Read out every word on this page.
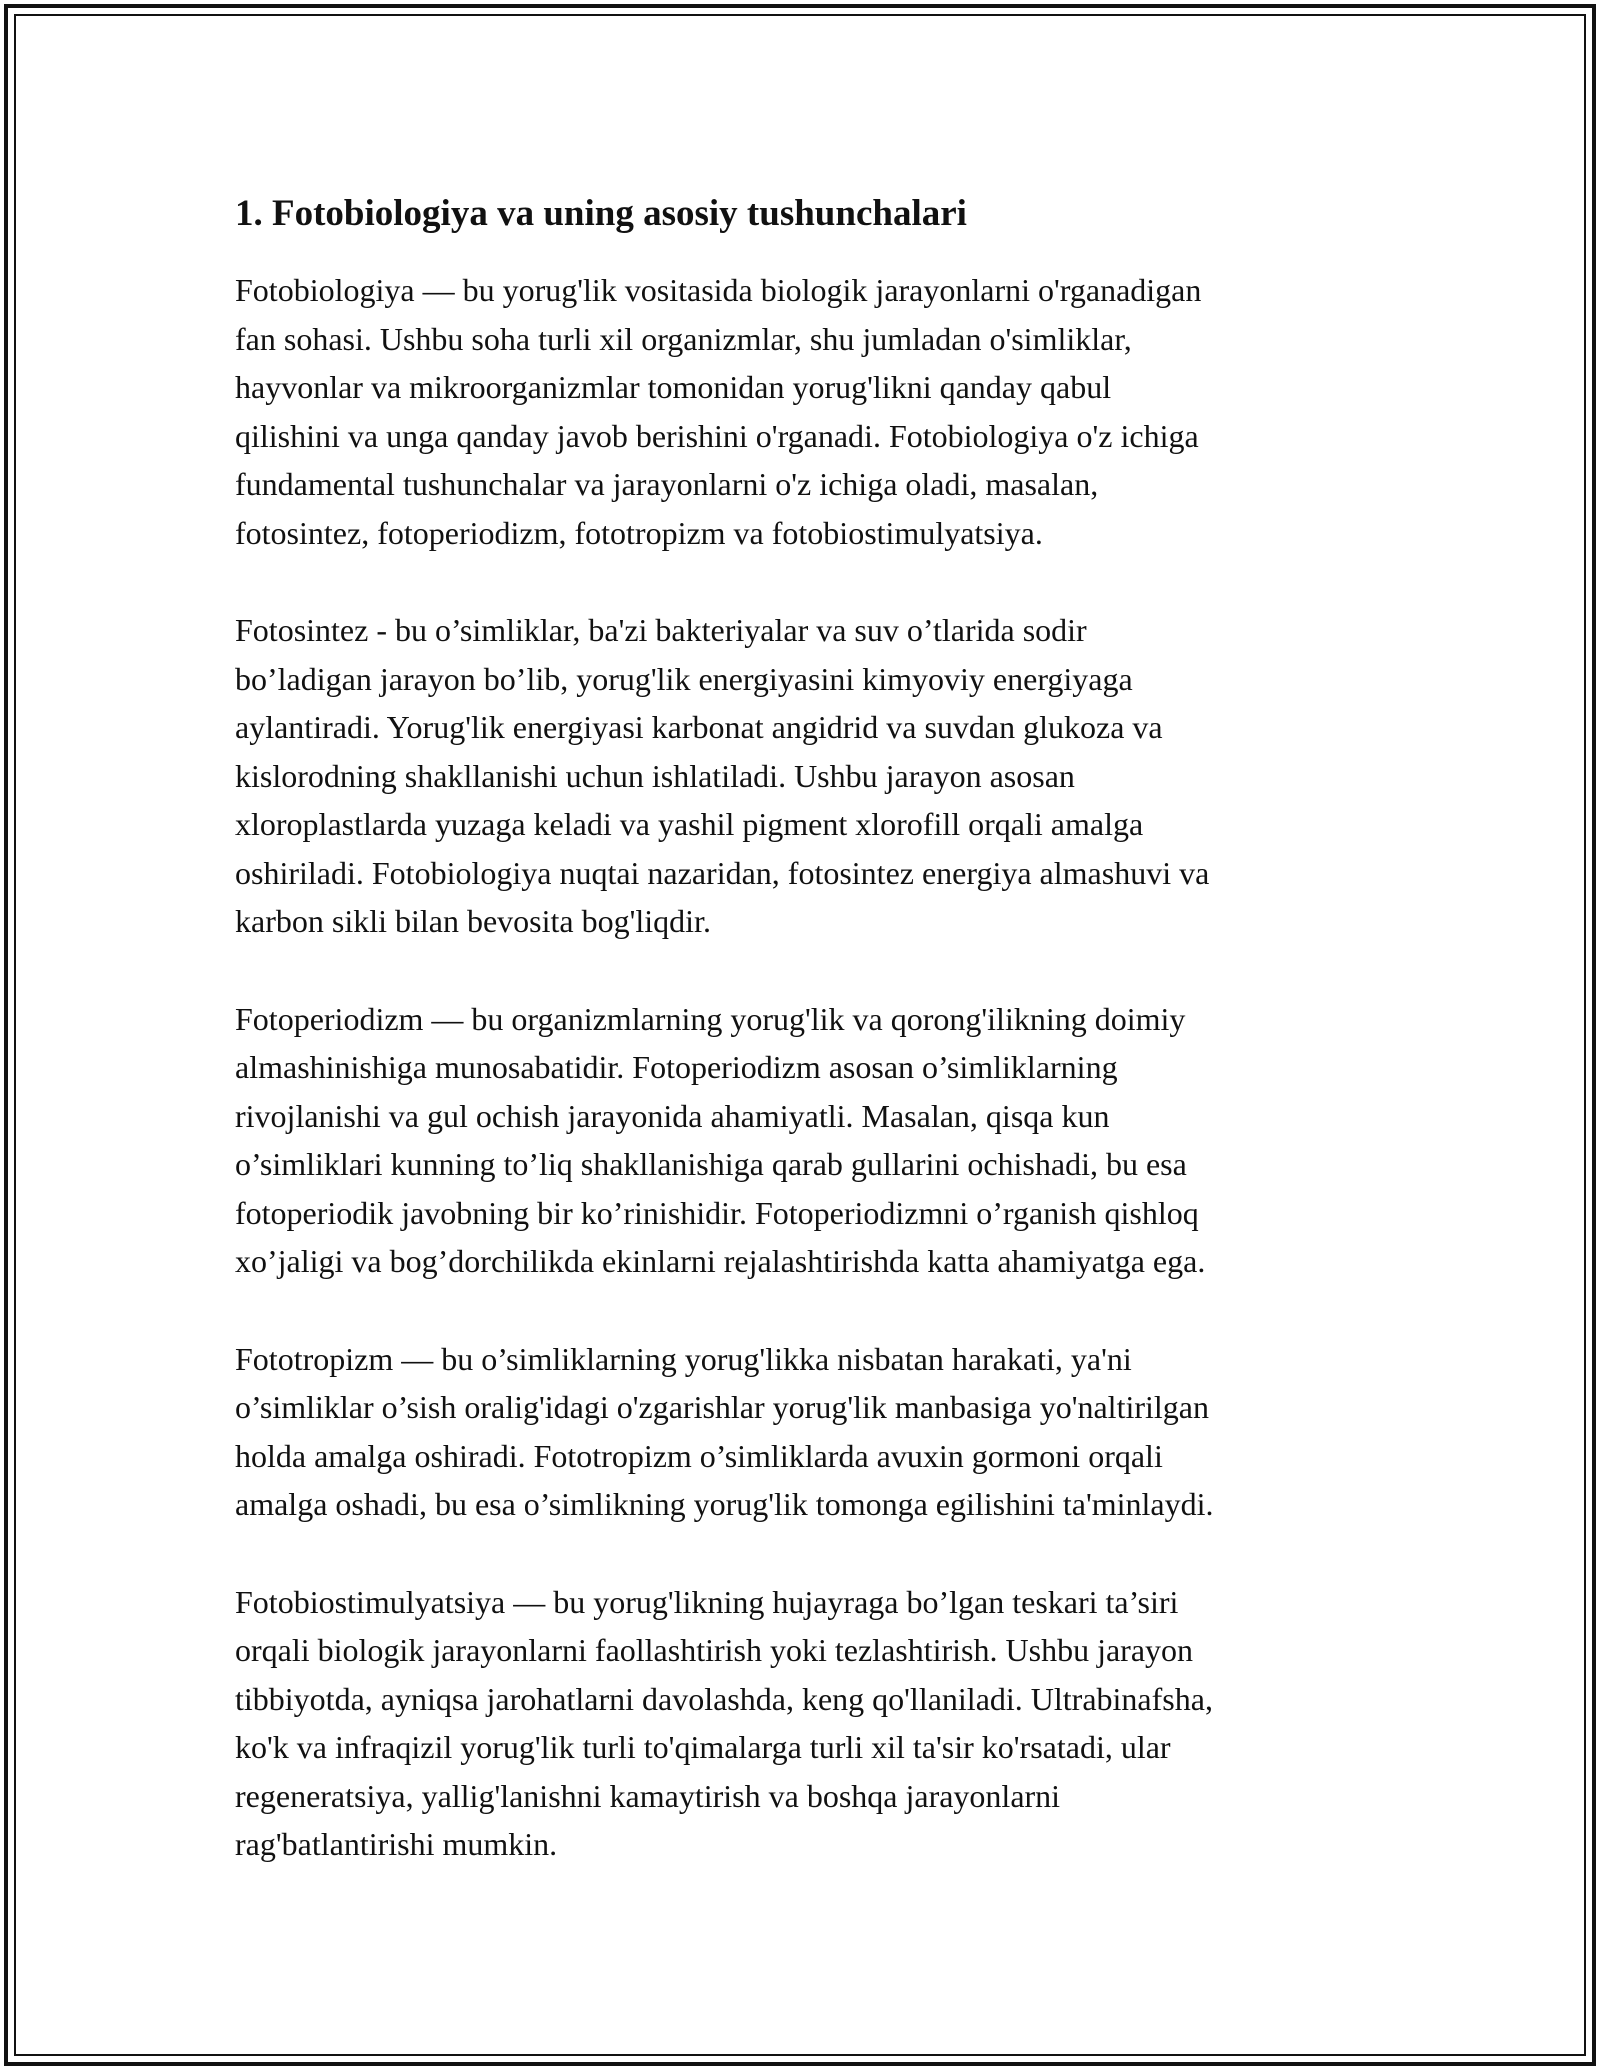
1. Fotobiologiya va uning asosiy tushunchalari

Fotobiologiya — bu yorug'lik vositasida biologik jarayonlarni o'rganadigan
fan sohasi. Ushbu soha turli xil organizmlar, shu jumladan o'simliklar,
hayvonlar va mikroorganizmlar tomonidan yorug'likni qanday qabul
qilishini va unga qanday javob berishini o'rganadi. Fotobiologiya o'z ichiga
fundamental tushunchalar va jarayonlarni o'z ichiga oladi, masalan,
fotosintez, fotoperiodizm, fototropizm va fotobiostimulyatsiya.

Fotosintez - bu o’simliklar, ba'zi bakteriyalar va suv o’tlarida sodir
bo’ladigan jarayon bo’lib, yorug'lik energiyasini kimyoviy energiyaga
aylantiradi. Yorug'lik energiyasi karbonat angidrid va suvdan glukoza va
kislorodning shakllanishi uchun ishlatiladi. Ushbu jarayon asosan
xloroplastlarda yuzaga keladi va yashil pigment xlorofill orqali amalga
oshiriladi. Fotobiologiya nuqtai nazaridan, fotosintez energiya almashuvi va
karbon sikli bilan bevosita bog'liqdir.

Fotoperiodizm — bu organizmlarning yorug'lik va qorong'ilikning doimiy
almashinishiga munosabatidir. Fotoperiodizm asosan o’simliklarning
rivojlanishi va gul ochish jarayonida ahamiyatli. Masalan, qisqa kun
o’simliklari kunning to’liq shakllanishiga qarab gullarini ochishadi, bu esa
fotoperiodik javobning bir ko’rinishidir. Fotoperiodizmni o’rganish qishloq
xo’jaligi va bog’dorchilikda ekinlarni rejalashtirishda katta ahamiyatga ega.

Fototropizm — bu o’simliklarning yorug'likka nisbatan harakati, ya'ni
o’simliklar o’sish oralig'idagi o'zgarishlar yorug'lik manbasiga yo'naltirilgan
holda amalga oshiradi. Fototropizm o’simliklarda avuxin gormoni orqali
amalga oshadi, bu esa o’simlikning yorug'lik tomonga egilishini ta'minlaydi.

Fotobiostimulyatsiya — bu yorug'likning hujayraga bo’lgan teskari ta’siri
orqali biologik jarayonlarni faollashtirish yoki tezlashtirish. Ushbu jarayon
tibbiyotda, ayniqsa jarohatlarni davolashda, keng qo'llaniladi. Ultrabinafsha,
ko'k va infraqizil yorug'lik turli to'qimalarga turli xil ta'sir ko'rsatadi, ular
regeneratsiya, yallig'lanishni kamaytirish va boshqa jarayonlarni
rag'batlantirishi mumkin.
